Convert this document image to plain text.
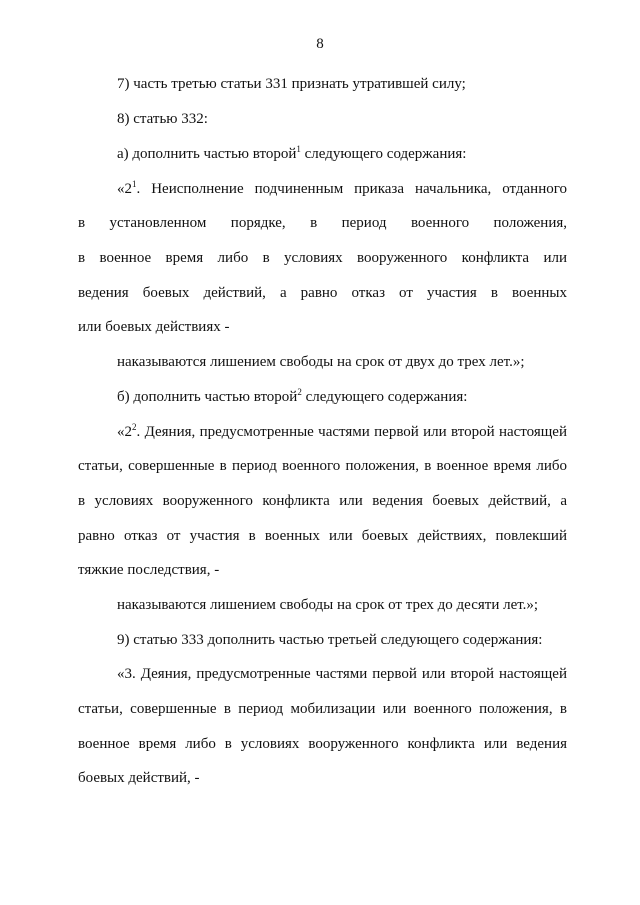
8
7) часть третью статьи 331 признать утратившей силу;
8) статью 332:
а) дополнить частью второй$^1$ следующего содержания:
«$2^1$. Неисполнение подчиненным приказа начальника, отданного
в установленном порядке, в период военного положения,
в военное время либо в условиях вооруженного конфликта или
ведения боевых действий, а равно отказ от участия в военных
или боевых действиях -
наказываются лишением свободы на срок от двух до трех лет.»;
б) дополнить частью второй$^2$ следующего содержания:
«$2^2$. Деяния, предусмотренные частями первой или второй настоящей
статьи, совершенные в период военного положения, в военное время либо
в условиях вооруженного конфликта или ведения боевых действий, а
равно отказ от участия в военных или боевых действиях, повлекший
тяжкие последствия, -
наказываются лишением свободы на срок от трех до десяти лет.»;
9) статью 333 дополнить частью третьей следующего содержания:
«3. Деяния, предусмотренные частями первой или второй настоящей
статьи, совершенные в период мобилизации или военного положения, в
военное время либо в условиях вооруженного конфликта или ведения
боевых действий, -
